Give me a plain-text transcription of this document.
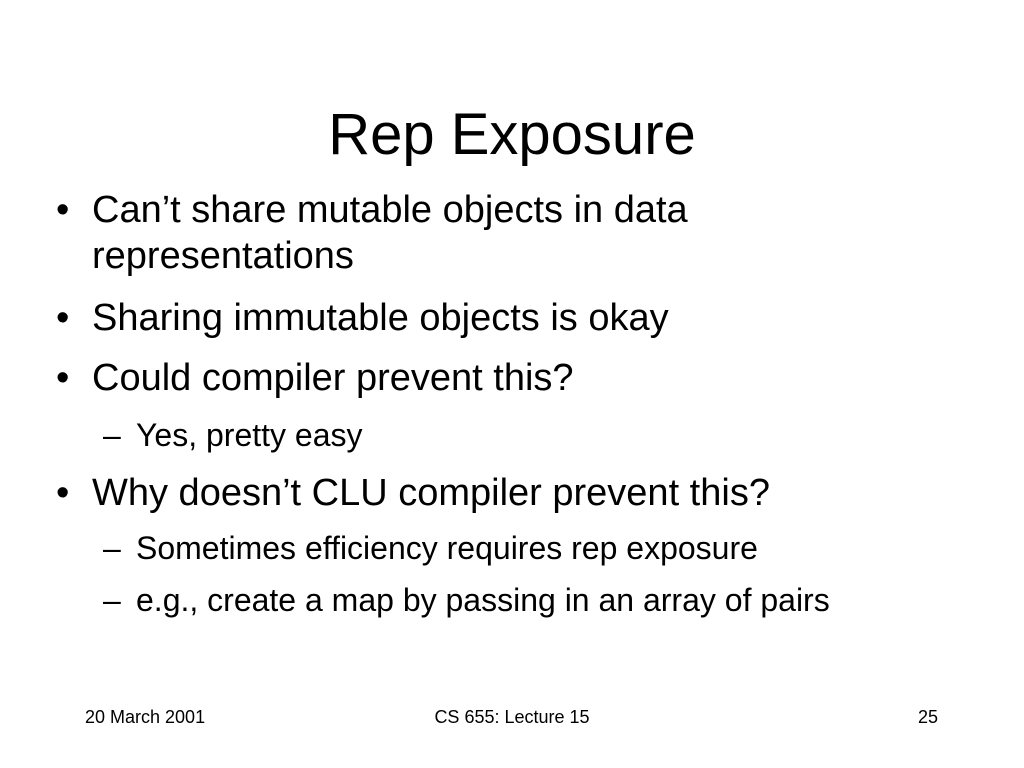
Rep Exposure
• Can’t share mutable objects in data representations
• Sharing immutable objects is okay
• Could compiler prevent this?
– Yes, pretty easy
• Why doesn’t CLU compiler prevent this?
– Sometimes efficiency requires rep exposure
– e.g., create a map by passing in an array of pairs
20 March 2001	CS 655: Lecture 15	25
